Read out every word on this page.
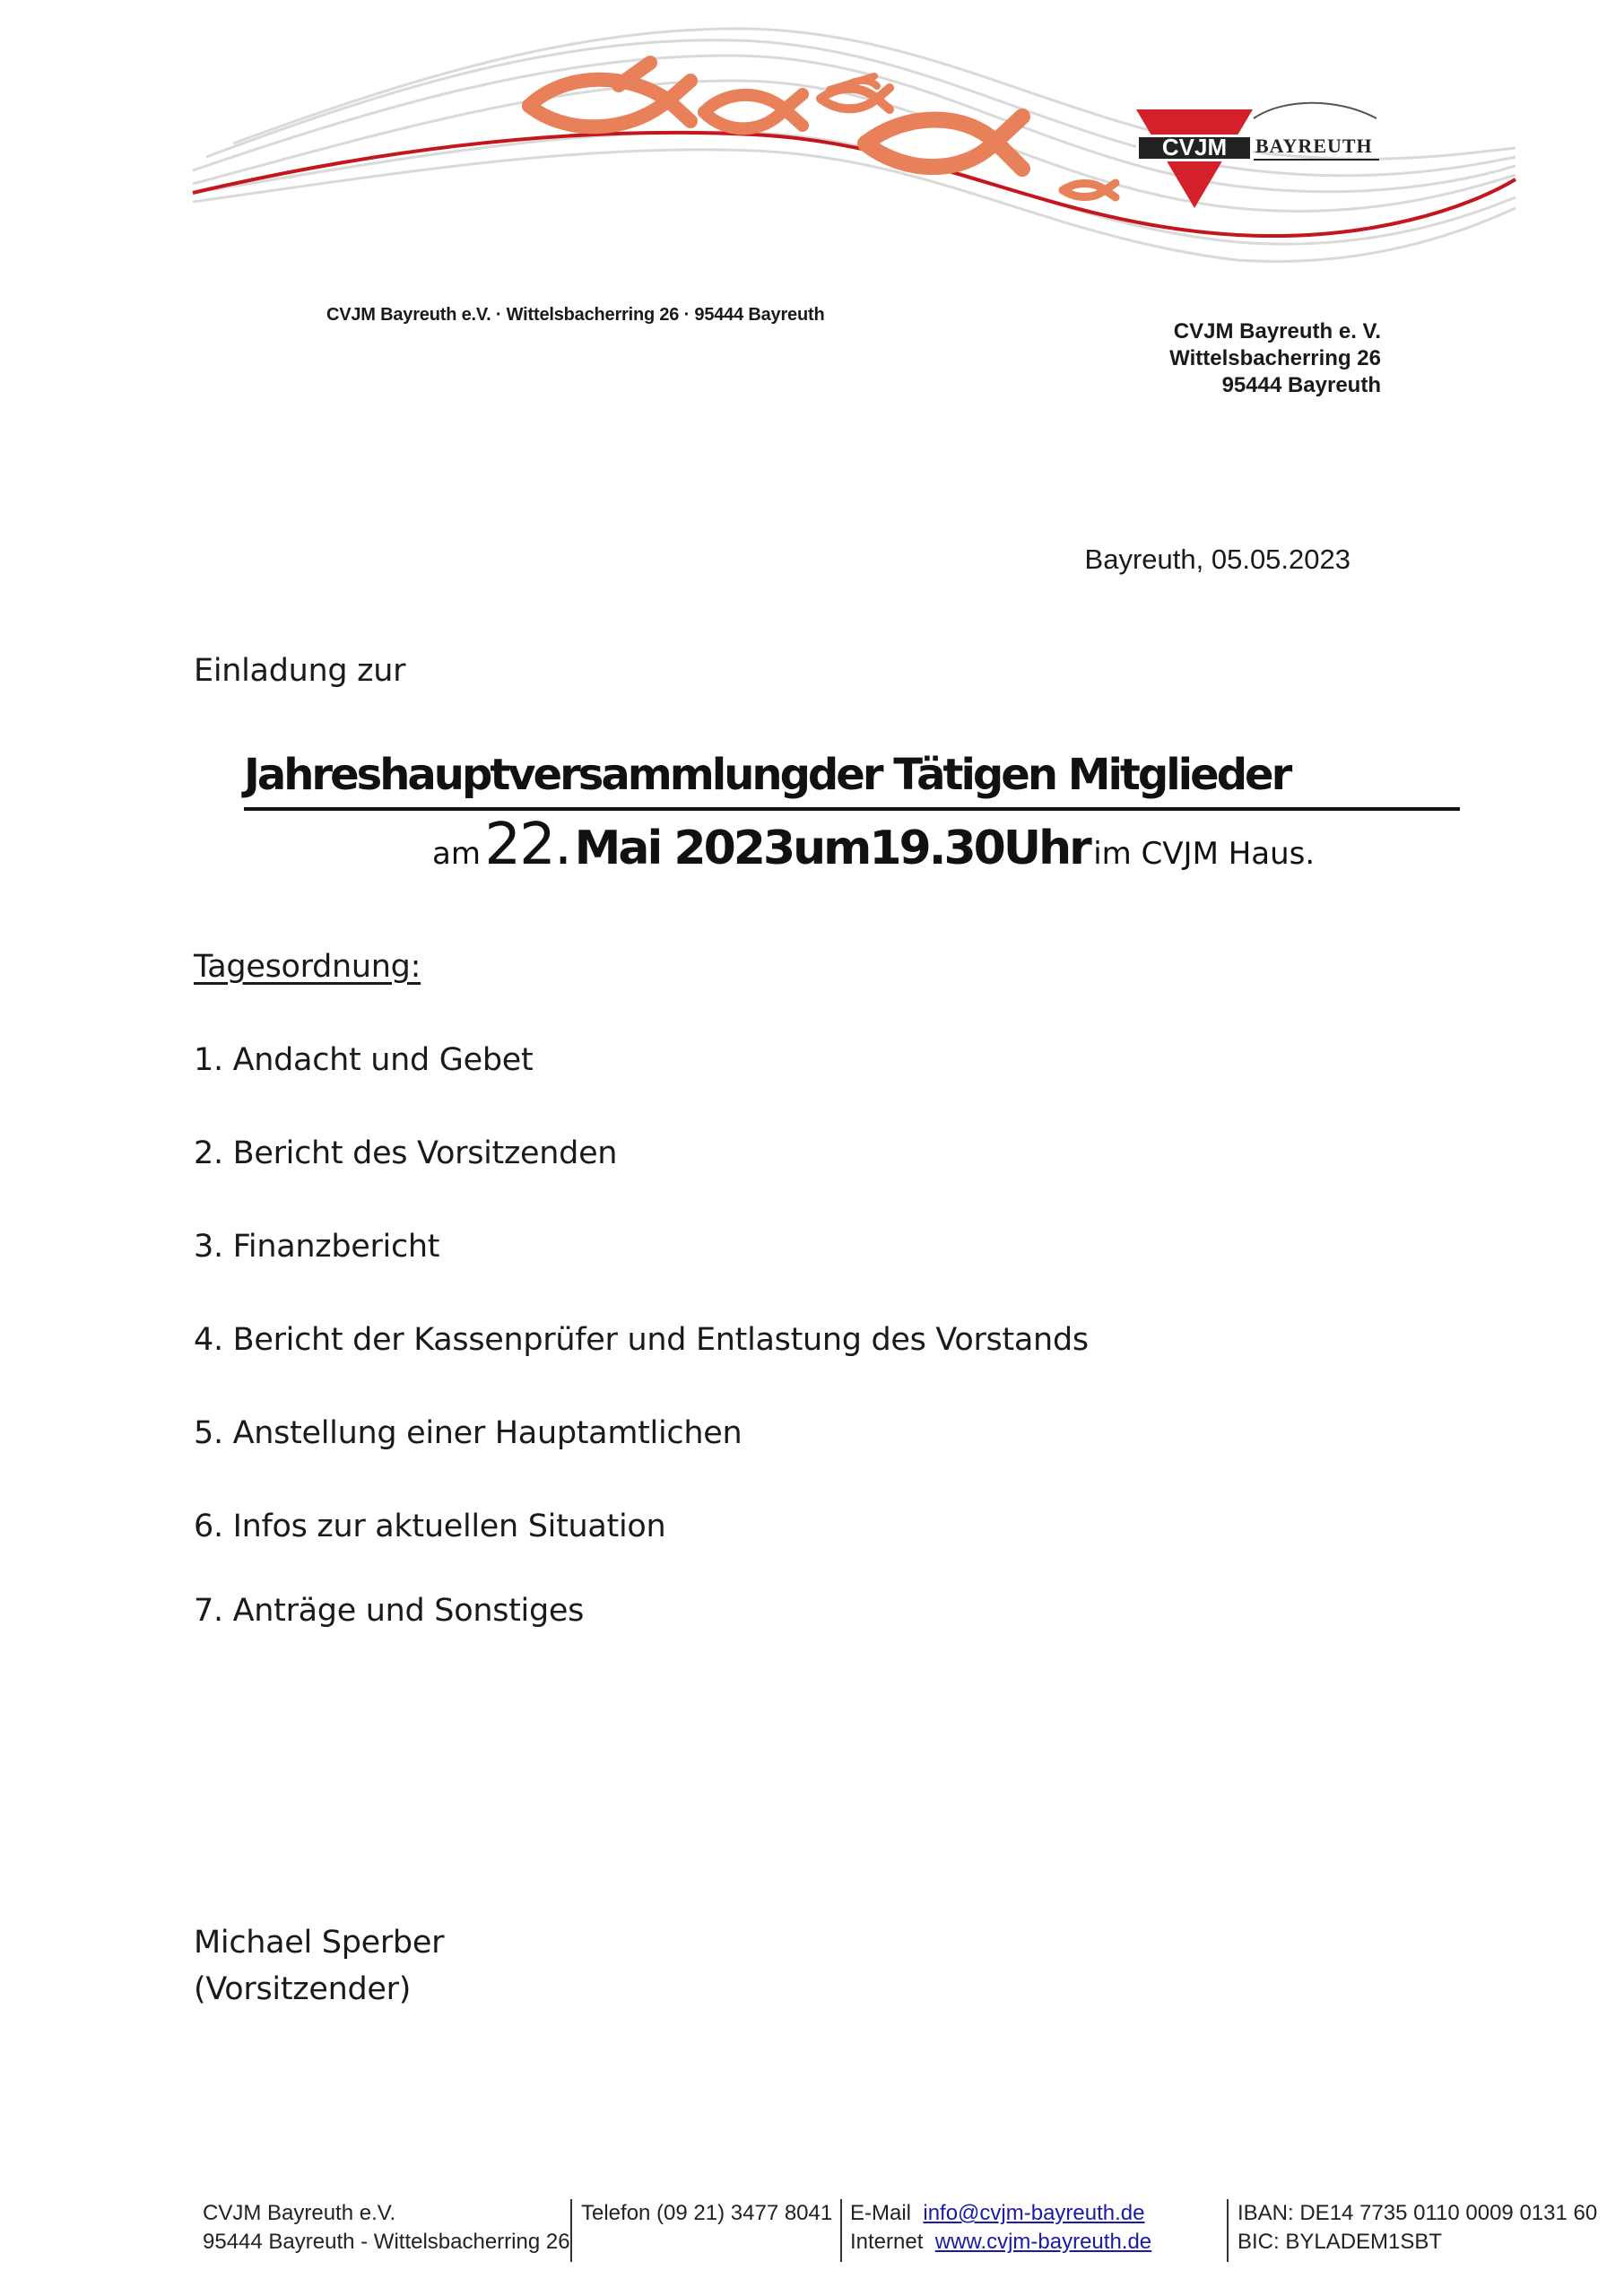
CVJM BAYREUTH
CVJM Bayreuth e.V. · Wittelsbacherring 26 · 95444 Bayreuth
CVJM Bayreuth e. V.
Wittelsbacherring 26
95444 Bayreuth
Bayreuth, 05.05.2023
Einladung zur
Jahreshauptversammlungder Tätigen Mitglieder
am 22. Mai 2023um19.30Uhr im CVJM Haus.
Tagesordnung:
1. Andacht und Gebet
2. Bericht des Vorsitzenden
3. Finanzbericht
4. Bericht der Kassenprüfer und Entlastung des Vorstands
5. Anstellung einer Hauptamtlichen
6. Infos zur aktuellen Situation
7. Anträge und Sonstiges
Michael Sperber
(Vorsitzender)
CVJM Bayreuth e.V.
95444 Bayreuth - Wittelsbacherring 26
Telefon (09 21) 3477 8041 E-Mail info@cvjm-bayreuth.de
Internet www.cvjm-bayreuth.de
IBAN: DE14 7735 0110 0009 0131 60
BIC: BYLADEM1SBT
